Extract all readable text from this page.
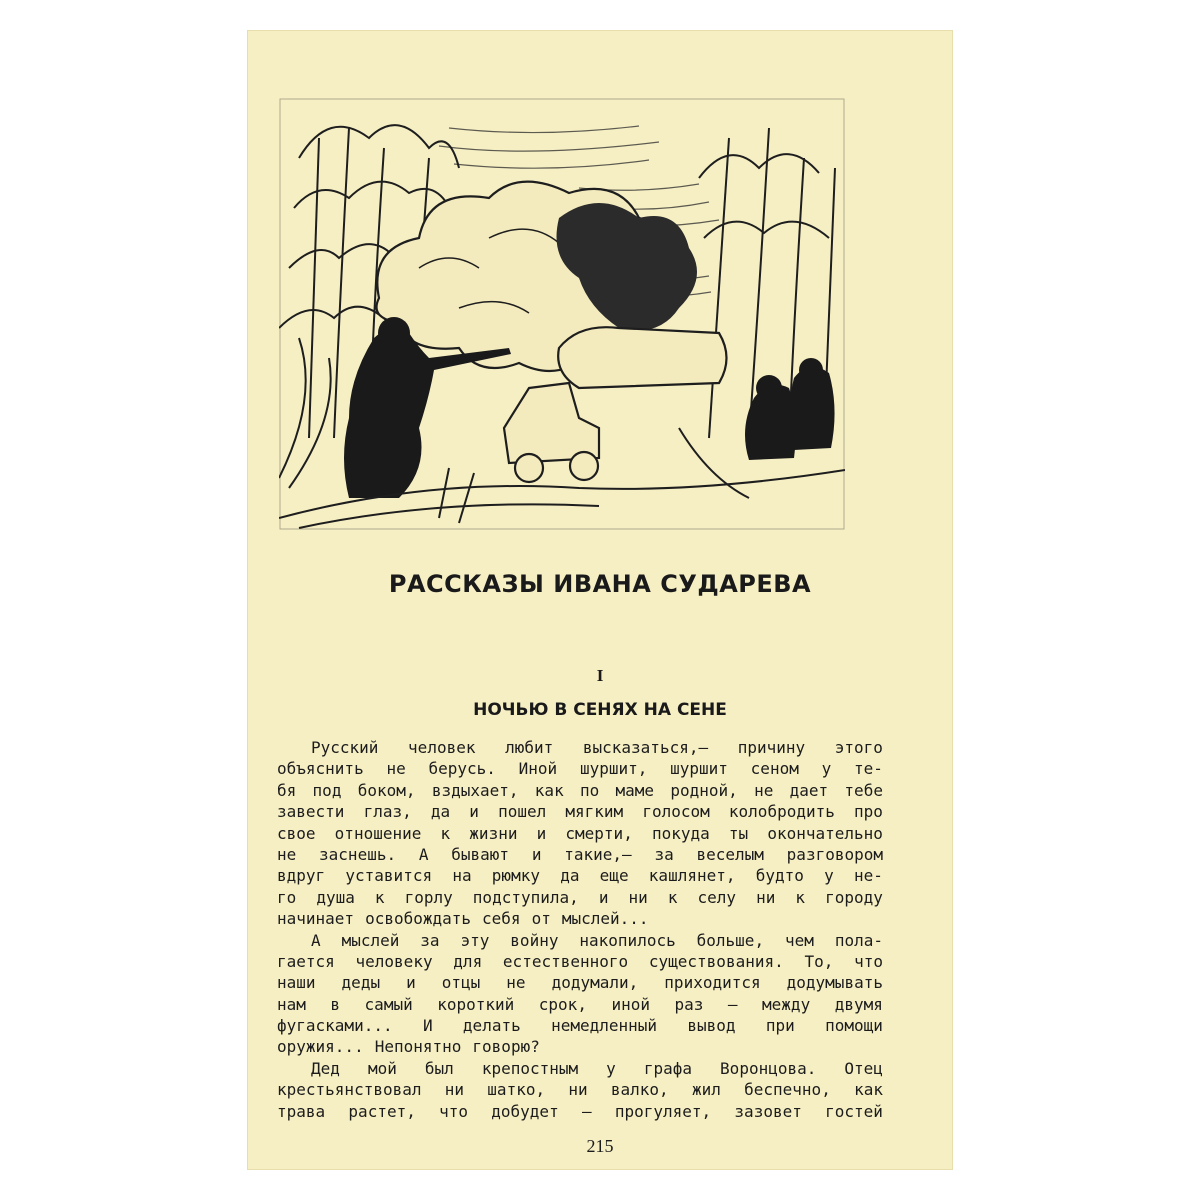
РАССКАЗЫ ИВАНА СУДАРЕВА
I
НОЧЬЮ В СЕНЯХ НА СЕНЕ
Русский человек любит высказаться,— причину этого
объяснить не берусь. Иной шуршит, шуршит сеном у те-
бя под боком, вздыхает, как по маме родной, не дает тебе
завести глаз, да и пошел мягким голосом колобродить про
свое отношение к жизни и смерти, покуда ты окончательно
не заснешь. А бывают и такие,— за веселым разговором
вдруг уставится на рюмку да еще кашлянет, будто у не-
го душа к горлу подступила, и ни к селу ни к городу
начинает освобождать себя от мыслей...
А мыслей за эту войну накопилось больше, чем пола-
гается человеку для естественного существования. То, что
наши деды и отцы не додумали, приходится додумывать
нам в самый короткий срок, иной раз — между двумя
фугасками... И делать немедленный вывод при помощи
оружия... Непонятно говорю?
Дед мой был крепостным у графа Воронцова. Отец
крестьянствовал ни шатко, ни валко, жил беспечно, как
трава растет, что добудет — прогуляет, зазовет гостей
215
